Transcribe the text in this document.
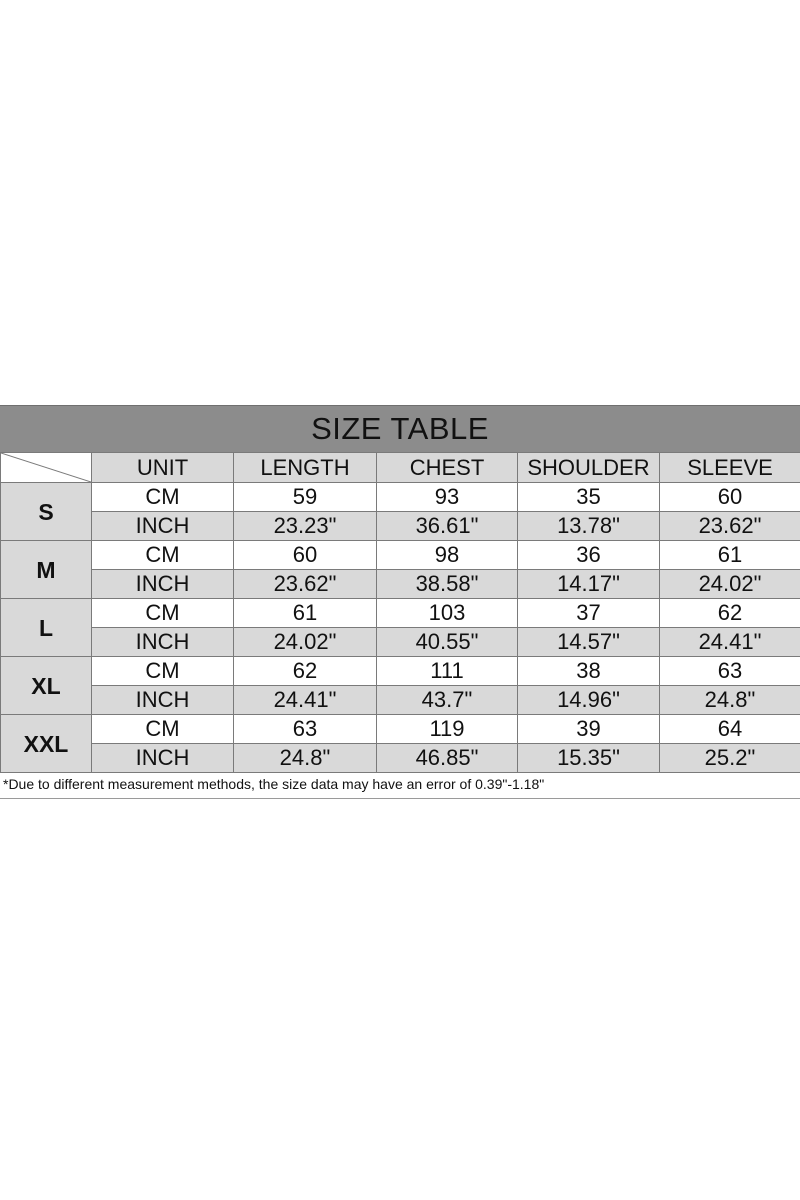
SIZE TABLE
	UNIT	LENGTH	CHEST	SHOULDER	SLEEVE
S	CM	59	93	35	60
	INCH	23.23"	36.61"	13.78"	23.62"
M	CM	60	98	36	61
	INCH	23.62"	38.58"	14.17"	24.02"
L	CM	61	103	37	62
	INCH	24.02"	40.55"	14.57"	24.41"
XL	CM	62	111	38	63
	INCH	24.41"	43.7"	14.96"	24.8"
XXL	CM	63	119	39	64
	INCH	24.8"	46.85"	15.35"	25.2"
*Due to different measurement methods, the size data may have an error of 0.39"-1.18"
